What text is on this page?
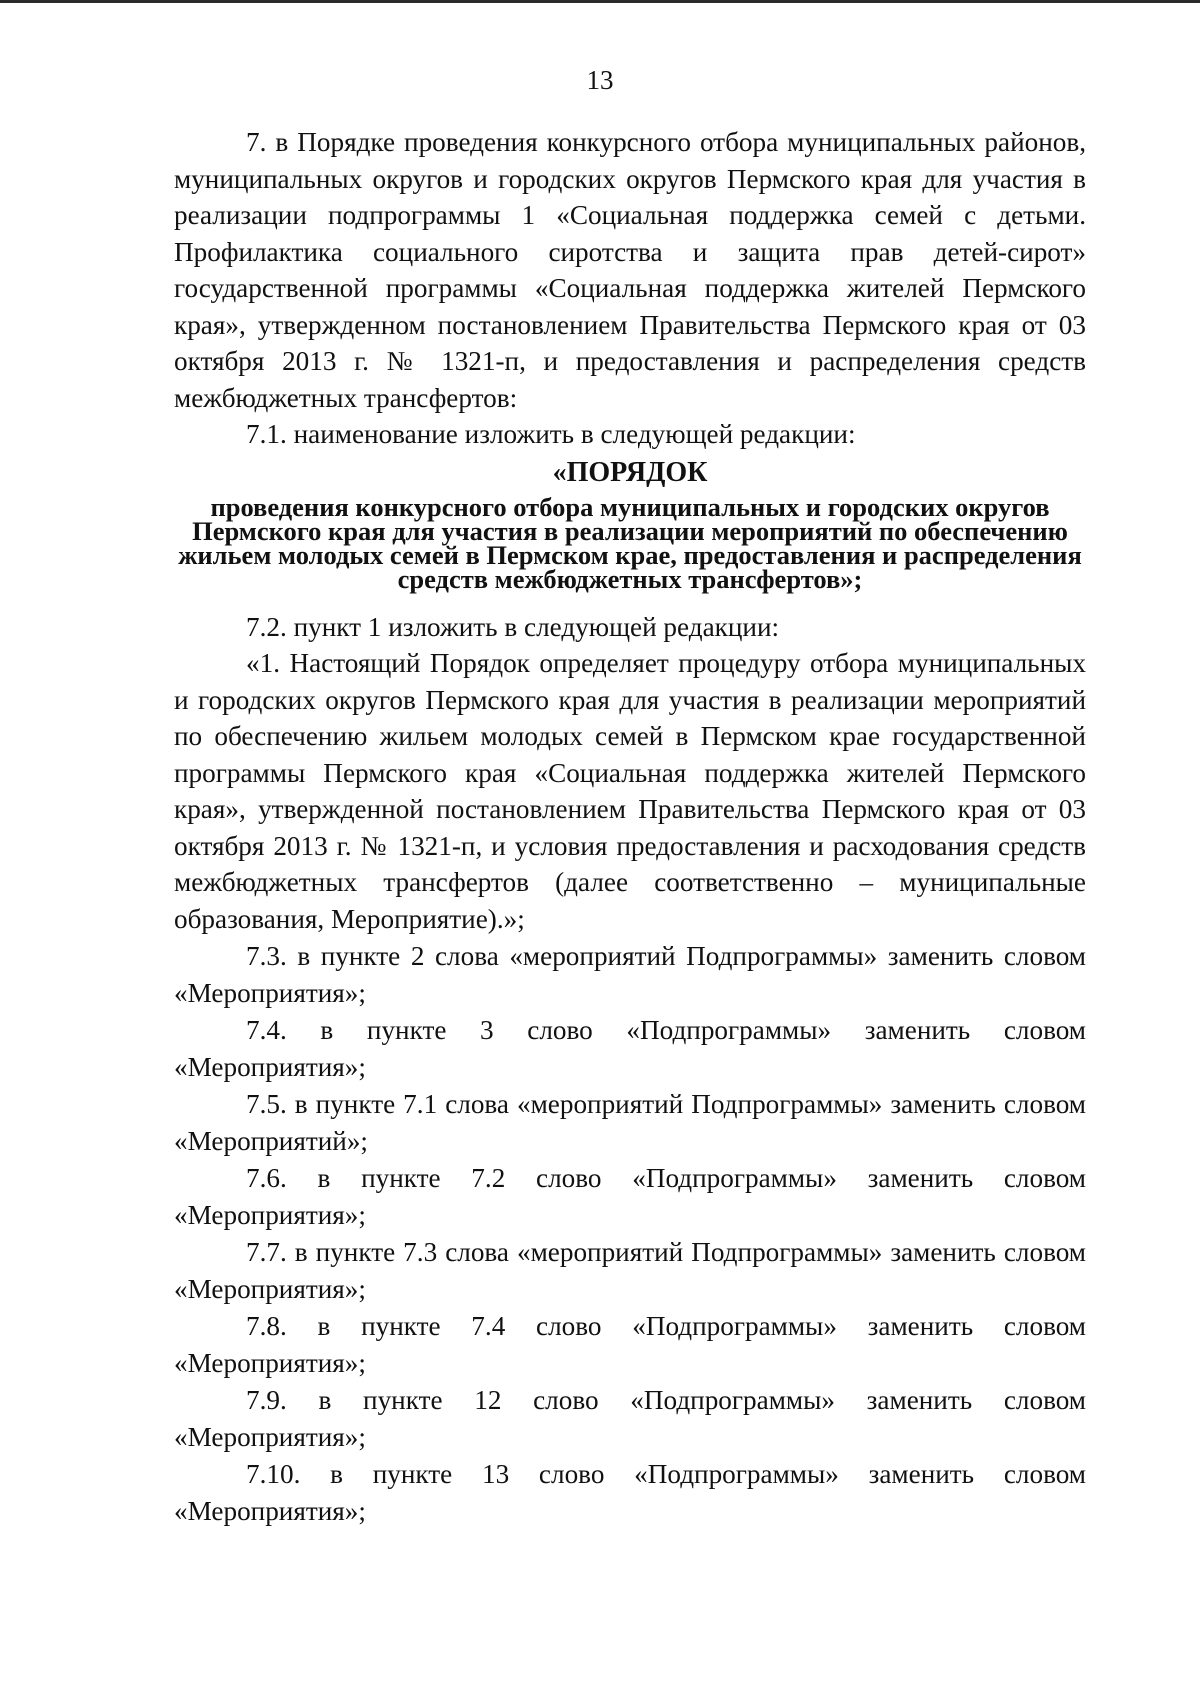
13

7. в Порядке проведения конкурсного отбора муниципальных районов, муниципальных округов и городских округов Пермского края для участия в реализации подпрограммы 1 «Социальная поддержка семей с детьми. Профилактика социального сиротства и защита прав детей-сирот» государственной программы «Социальная поддержка жителей Пермского края», утвержденном постановлением Правительства Пермского края от 03 октября 2013 г. № 1321-п, и предоставления и распределения средств межбюджетных трансфертов:

7.1. наименование изложить в следующей редакции:

«ПОРЯДОК
проведения конкурсного отбора муниципальных и городских округов Пермского края для участия в реализации мероприятий по обеспечению жильем молодых семей в Пермском крае, предоставления и распределения средств межбюджетных трансфертов»;

7.2. пункт 1 изложить в следующей редакции:

«1. Настоящий Порядок определяет процедуру отбора муниципальных и городских округов Пермского края для участия в реализации мероприятий по обеспечению жильем молодых семей в Пермском крае государственной программы Пермского края «Социальная поддержка жителей Пермского края», утвержденной постановлением Правительства Пермского края от 03 октября 2013 г. № 1321-п, и условия предоставления и расходования средств межбюджетных трансфертов (далее соответственно – муниципальные образования, Мероприятие).»;

7.3. в пункте 2 слова «мероприятий Подпрограммы» заменить словом «Мероприятия»;

7.4. в пункте 3 слово «Подпрограммы» заменить словом «Мероприятия»;

7.5. в пункте 7.1 слова «мероприятий Подпрограммы» заменить словом «Мероприятий»;

7.6. в пункте 7.2 слово «Подпрограммы» заменить словом «Мероприятия»;

7.7. в пункте 7.3 слова «мероприятий Подпрограммы» заменить словом «Мероприятия»;

7.8. в пункте 7.4 слово «Подпрограммы» заменить словом «Мероприятия»;

7.9. в пункте 12 слово «Подпрограммы» заменить словом «Мероприятия»;

7.10. в пункте 13 слово «Подпрограммы» заменить словом «Мероприятия»;
